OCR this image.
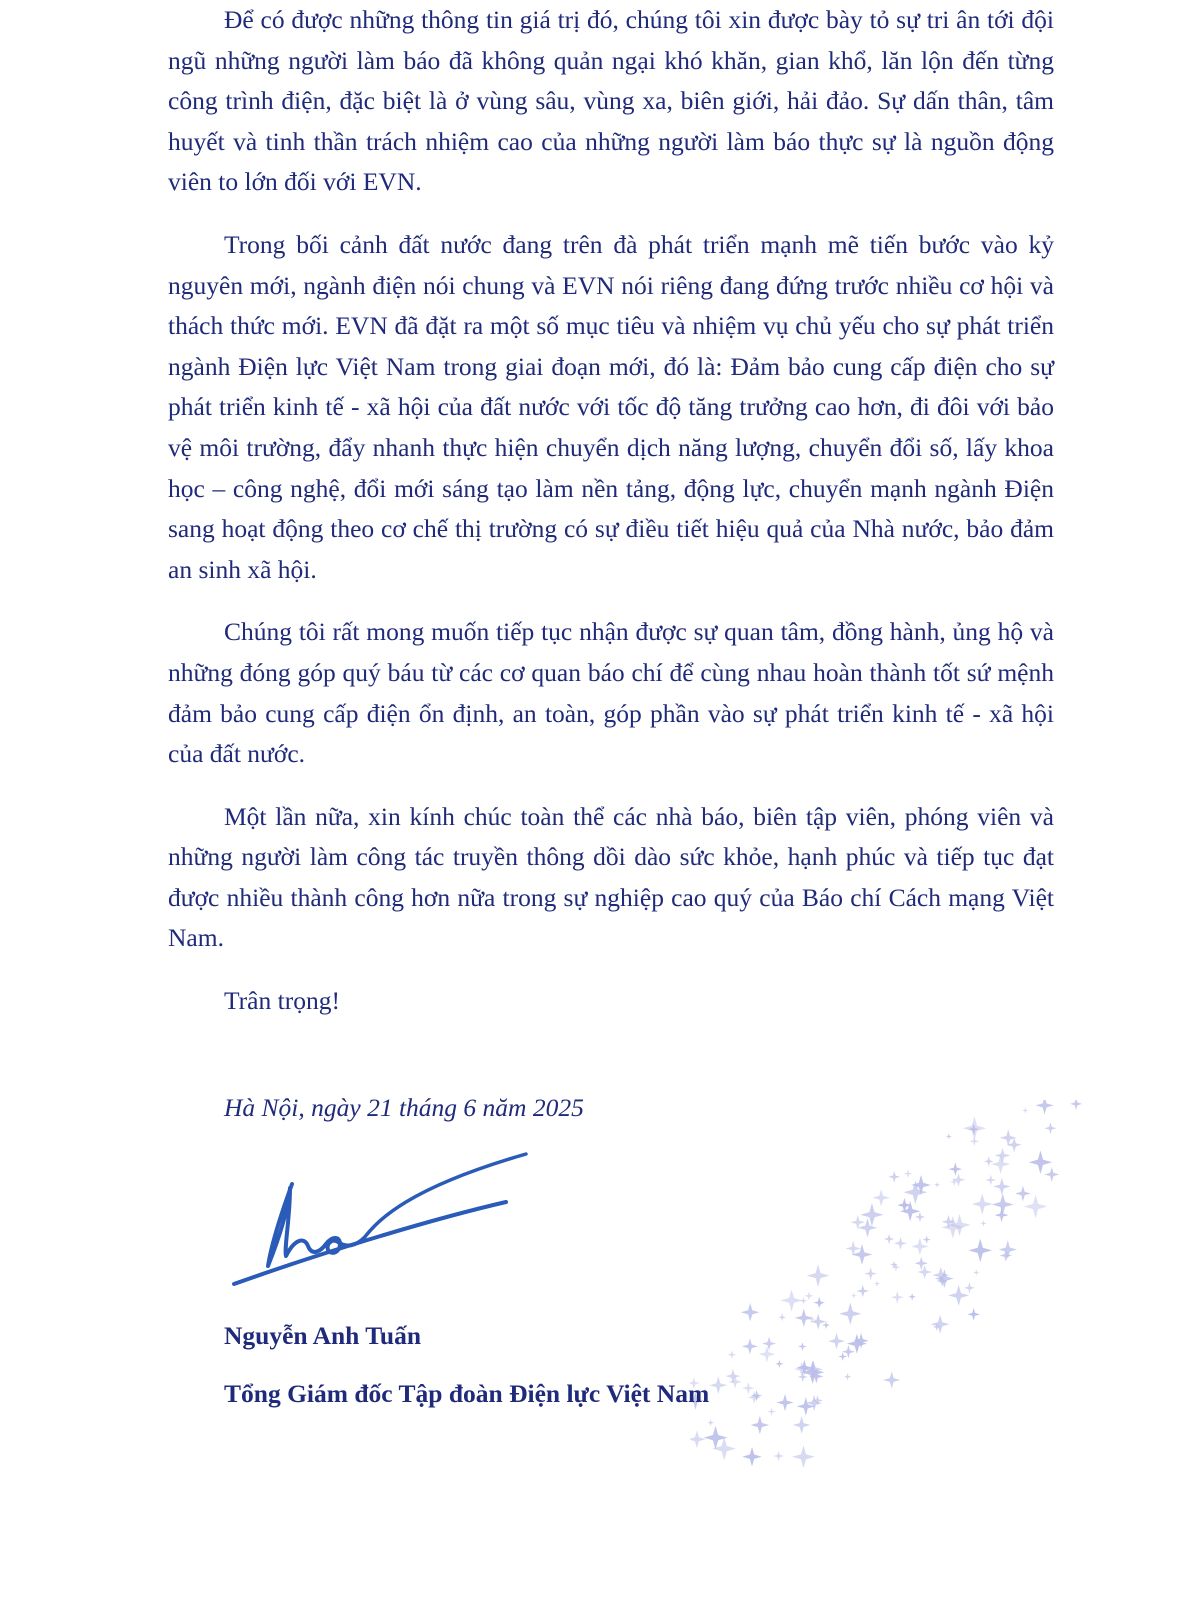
Để có được những thông tin giá trị đó, chúng tôi xin được bày tỏ sự tri ân tới đội ngũ những người làm báo đã không quản ngại khó khăn, gian khổ, lăn lộn đến từng công trình điện, đặc biệt là ở vùng sâu, vùng xa, biên giới, hải đảo. Sự dấn thân, tâm huyết và tinh thần trách nhiệm cao của những người làm báo thực sự là nguồn động viên to lớn đối với EVN.

Trong bối cảnh đất nước đang trên đà phát triển mạnh mẽ tiến bước vào kỷ nguyên mới, ngành điện nói chung và EVN nói riêng đang đứng trước nhiều cơ hội và thách thức mới. EVN đã đặt ra một số mục tiêu và nhiệm vụ chủ yếu cho sự phát triển ngành Điện lực Việt Nam trong giai đoạn mới, đó là: Đảm bảo cung cấp điện cho sự phát triển kinh tế - xã hội của đất nước với tốc độ tăng trưởng cao hơn, đi đôi với bảo vệ môi trường, đẩy nhanh thực hiện chuyển dịch năng lượng, chuyển đổi số, lấy khoa học – công nghệ, đổi mới sáng tạo làm nền tảng, động lực, chuyển mạnh ngành Điện sang hoạt động theo cơ chế thị trường có sự điều tiết hiệu quả của Nhà nước, bảo đảm an sinh xã hội.

Chúng tôi rất mong muốn tiếp tục nhận được sự quan tâm, đồng hành, ủng hộ và những đóng góp quý báu từ các cơ quan báo chí để cùng nhau hoàn thành tốt sứ mệnh đảm bảo cung cấp điện ổn định, an toàn, góp phần vào sự phát triển kinh tế - xã hội của đất nước.

Một lần nữa, xin kính chúc toàn thể các nhà báo, biên tập viên, phóng viên và những người làm công tác truyền thông dồi dào sức khỏe, hạnh phúc và tiếp tục đạt được nhiều thành công hơn nữa trong sự nghiệp cao quý của Báo chí Cách mạng Việt Nam.

Trân trọng!

Hà Nội, ngày 21 tháng 6 năm 2025
Nguyễn Anh Tuấn
Tổng Giám đốc Tập đoàn Điện lực Việt Nam
